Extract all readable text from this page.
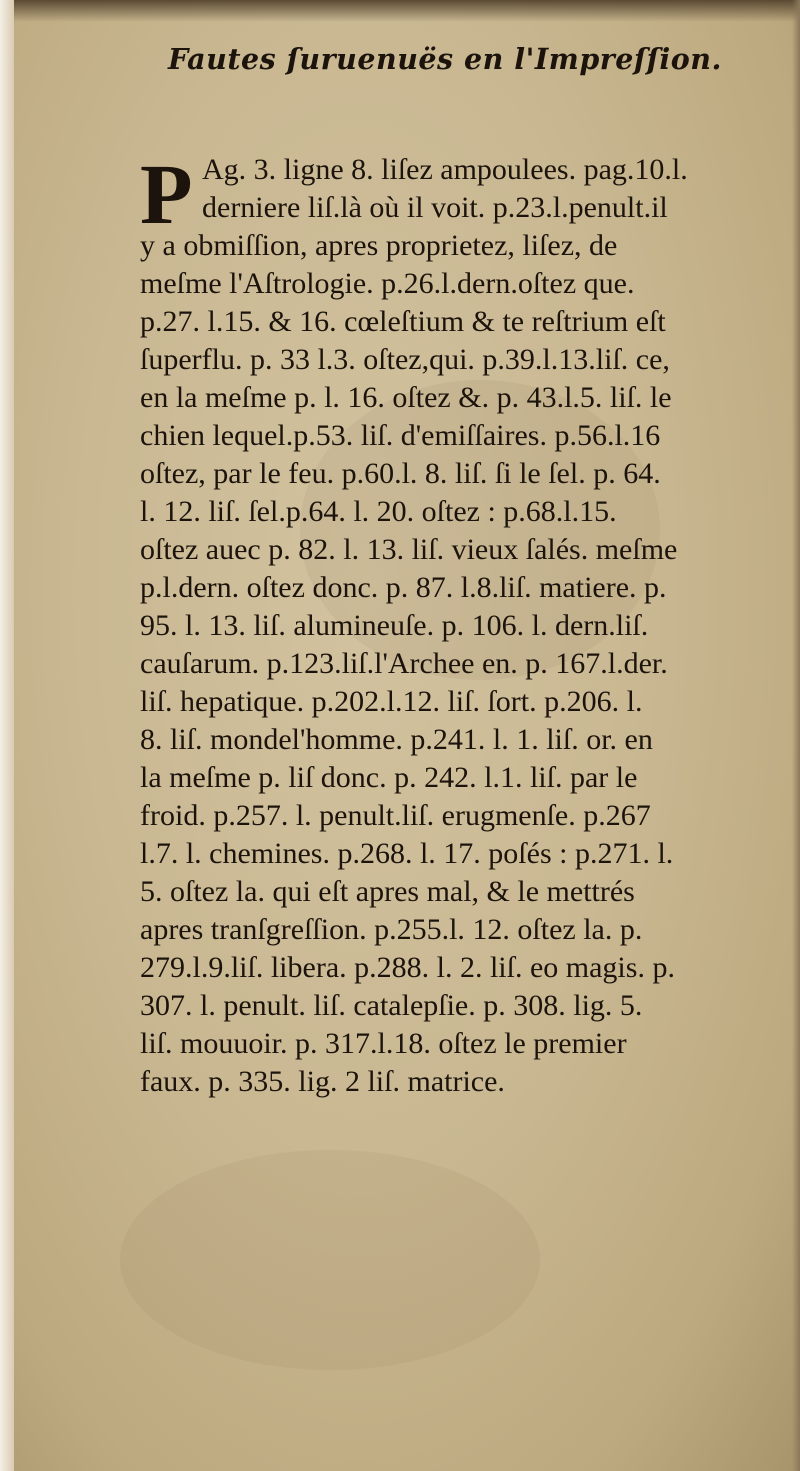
Fautes ſuruenuës en l'Impreſſion.
P Ag. 3. ligne 8. liſez ampoulees. pag.10.l.
derniere liſ.là où il voit. p.23.l.penult.il
y a obmiſſion, apres proprietez, liſez, de
meſme l'Aſtrologie. p.26.l.dern.oſtez que.
p.27. l.15. & 16. cœleſtium & te reſtrium eſt
ſuperflu. p. 33 l.3. oſtez,qui. p.39.l.13.liſ. ce,
en la meſme p. l. 16. oſtez &. p. 43.l.5. liſ. le
chien lequel.p.53. liſ. d'emiſſaires. p.56.l.16
oſtez, par le feu. p.60.l. 8. liſ. ſi le ſel. p. 64.
l. 12. liſ. ſel.p.64. l. 20. oſtez : p.68.l.15.
oſtez auec p. 82. l. 13. liſ. vieux ſalés. meſme
p.l.dern. oſtez donc. p. 87. l.8.liſ. matiere. p.
95. l. 13. liſ. alumineuſe. p. 106. l. dern.liſ.
cauſarum. p.123.liſ.l'Archee en. p. 167.l.der.
liſ. hepatique. p.202.l.12. liſ. ſort. p.206. l.
8. liſ. mondel'homme. p.241. l. 1. liſ. or. en
la meſme p. liſ donc. p. 242. l.1. liſ. par le
froid. p.257. l. penult.liſ. erugmenſe. p.267
l.7. l. chemines. p.268. l. 17. poſés : p.271. l.
5. oſtez la. qui eſt apres mal, & le mettrés
apres tranſgreſſion. p.255.l. 12. oſtez la. p.
279.l.9.liſ. libera. p.288. l. 2. liſ. eo magis. p.
307. l. penult. liſ. catalepſie. p. 308. lig. 5.
liſ. mouuoir. p. 317.l.18. oſtez le premier
faux. p. 335. lig. 2 liſ. matrice.
